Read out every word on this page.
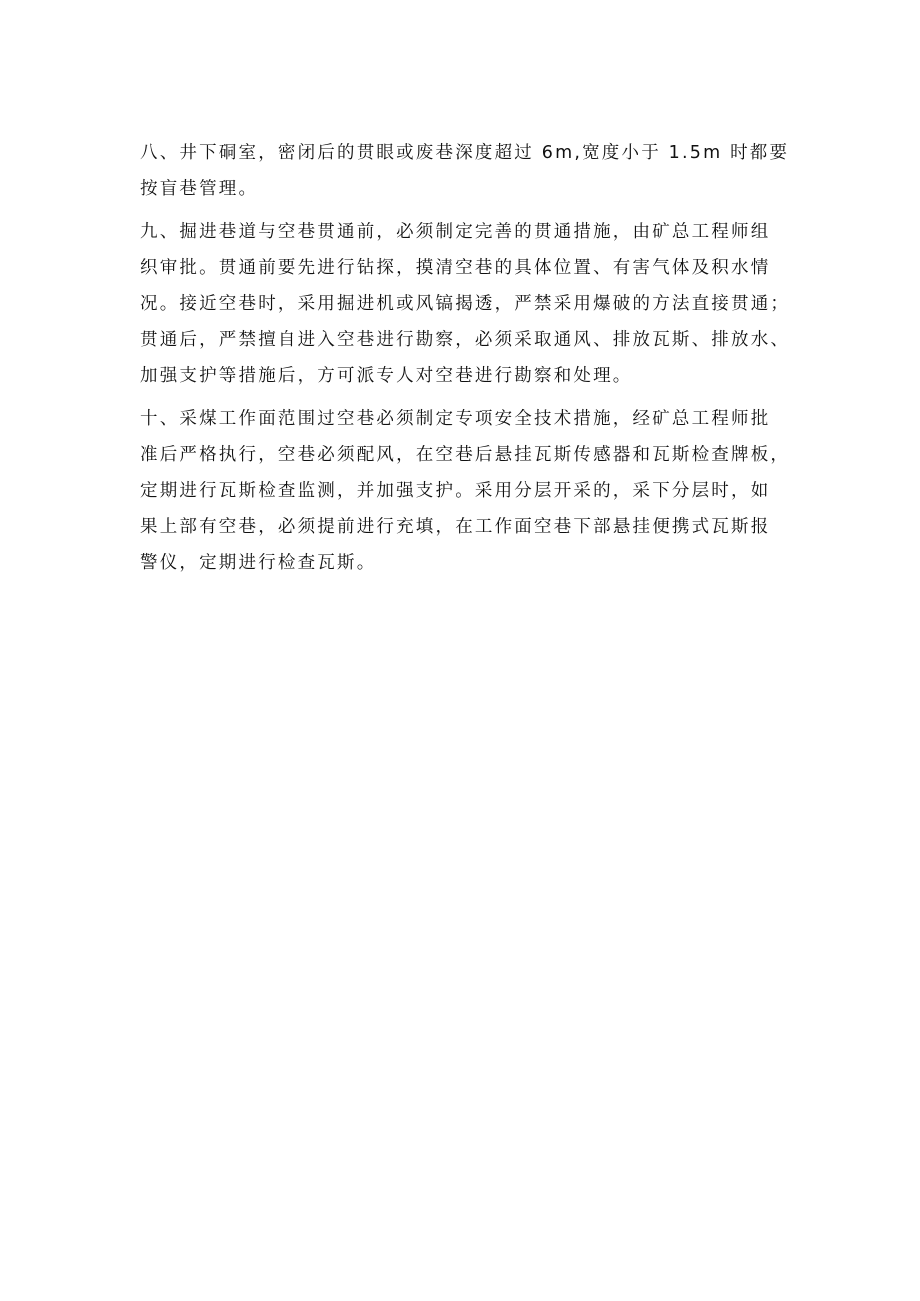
八、井下硐室，密闭后的贯眼或废巷深度超过 6m,宽度小于 1.5m 时都要
按盲巷管理。

九、掘进巷道与空巷贯通前，必须制定完善的贯通措施，由矿总工程师组
织审批。贯通前要先进行钻探，摸清空巷的具体位置、有害气体及积水情
况。接近空巷时，采用掘进机或风镐揭透，严禁采用爆破的方法直接贯通；
贯通后，严禁擅自进入空巷进行勘察，必须采取通风、排放瓦斯、排放水、
加强支护等措施后，方可派专人对空巷进行勘察和处理。

十、采煤工作面范围过空巷必须制定专项安全技术措施，经矿总工程师批
准后严格执行，空巷必须配风，在空巷后悬挂瓦斯传感器和瓦斯检查牌板，
定期进行瓦斯检查监测，并加强支护。采用分层开采的，采下分层时，如
果上部有空巷，必须提前进行充填，在工作面空巷下部悬挂便携式瓦斯报
警仪，定期进行检查瓦斯。
